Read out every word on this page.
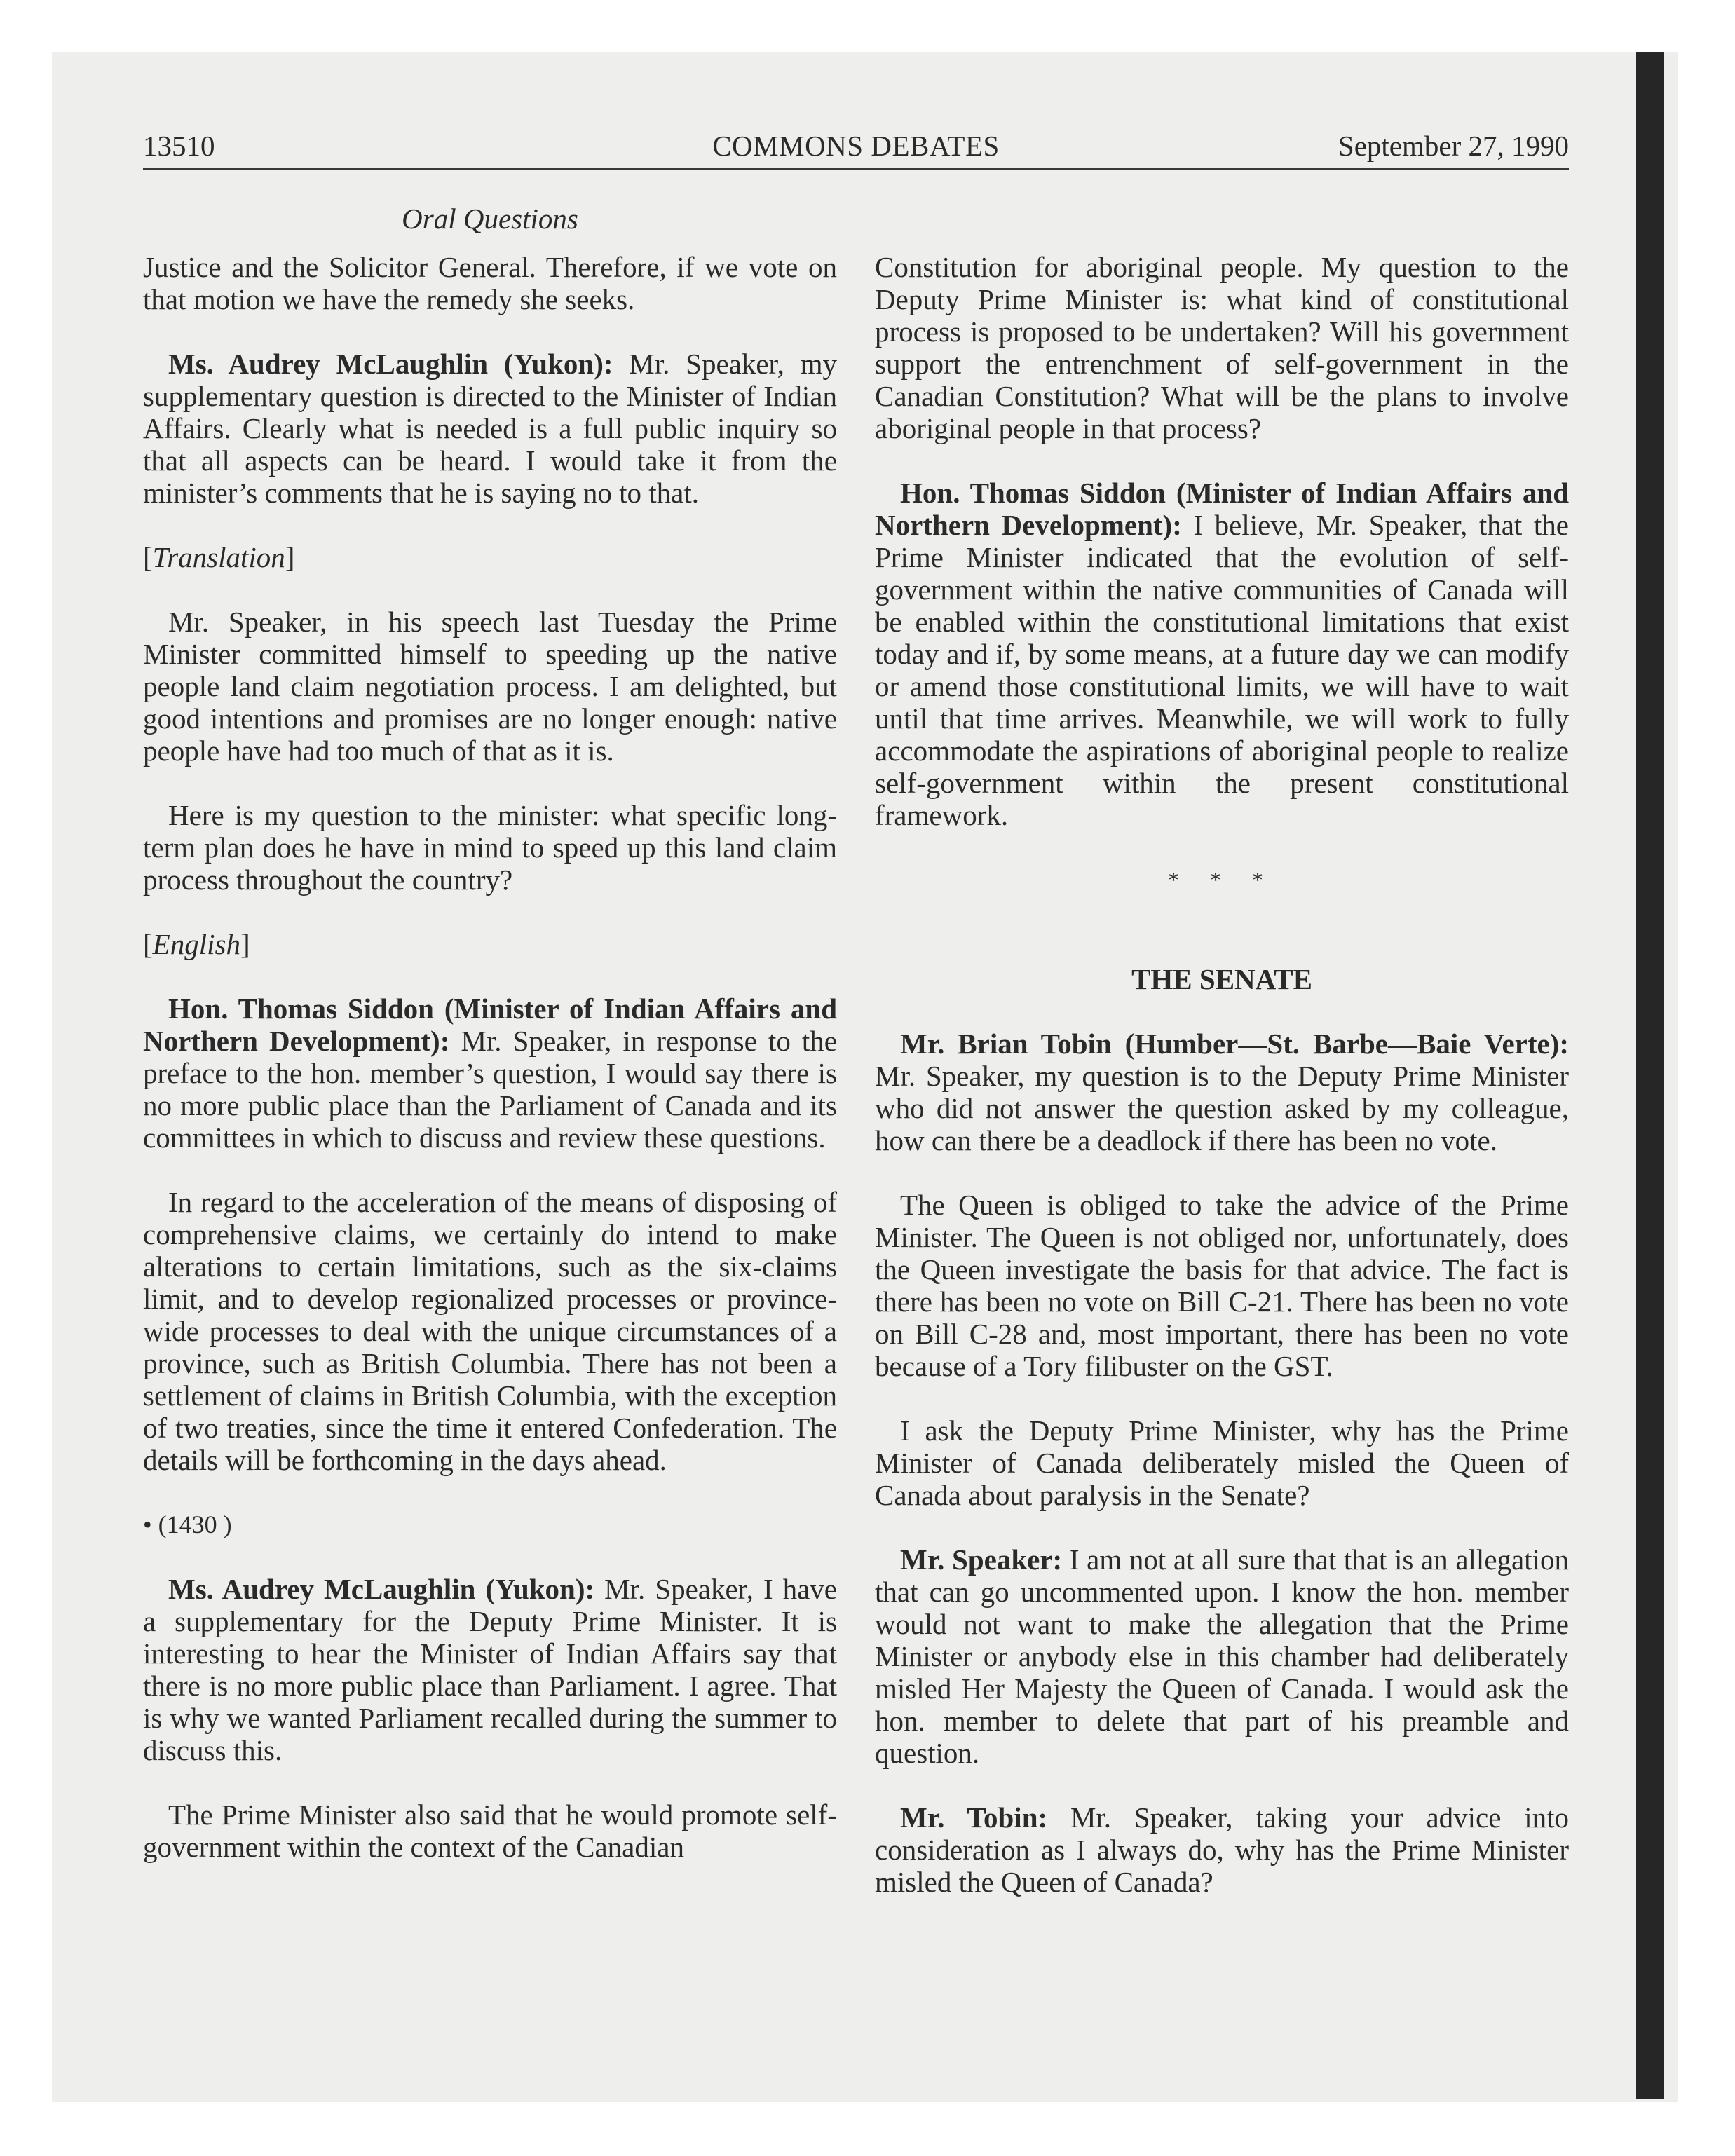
13510	COMMONS DEBATES	September 27, 1990
Oral Questions

Justice and the Solicitor General. Therefore, if we vote on that motion we have the remedy she seeks.

Ms. Audrey McLaughlin (Yukon): Mr. Speaker, my supplementary question is directed to the Minister of Indian Affairs. Clearly what is needed is a full public inquiry so that all aspects can be heard. I would take it from the minister’s comments that he is saying no to that.

[Translation]

Mr. Speaker, in his speech last Tuesday the Prime Minister committed himself to speeding up the native people land claim negotiation process. I am delighted, but good intentions and promises are no longer enough: native people have had too much of that as it is.

Here is my question to the minister: what specific long-term plan does he have in mind to speed up this land claim process throughout the country?

[English]

Hon. Thomas Siddon (Minister of Indian Affairs and Northern Development): Mr. Speaker, in response to the preface to the hon. member’s question, I would say there is no more public place than the Parliament of Canada and its committees in which to discuss and review these questions.

In regard to the acceleration of the means of disposing of comprehensive claims, we certainly do intend to make alterations to certain limitations, such as the six-claims limit, and to develop regionalized processes or province-wide processes to deal with the unique circumstances of a province, such as British Columbia. There has not been a settlement of claims in British Columbia, with the exception of two treaties, since the time it entered Confederation. The details will be forthcoming in the days ahead.

• (1430 )

Ms. Audrey McLaughlin (Yukon): Mr. Speaker, I have a supplementary for the Deputy Prime Minister. It is interesting to hear the Minister of Indian Affairs say that there is no more public place than Parliament. I agree. That is why we wanted Parliament recalled during the summer to discuss this.

The Prime Minister also said that he would promote self-government within the context of the Canadian

Constitution for aboriginal people. My question to the Deputy Prime Minister is: what kind of constitutional process is proposed to be undertaken? Will his government support the entrenchment of self-government in the Canadian Constitution? What will be the plans to involve aboriginal people in that process?

Hon. Thomas Siddon (Minister of Indian Affairs and Northern Development): I believe, Mr. Speaker, that the Prime Minister indicated that the evolution of self-government within the native communities of Canada will be enabled within the constitutional limitations that exist today and if, by some means, at a future day we can modify or amend those constitutional limits, we will have to wait until that time arrives. Meanwhile, we will work to fully accommodate the aspirations of aboriginal people to realize self-government within the present constitutional framework.

* * *
THE SENATE

Mr. Brian Tobin (Humber—St. Barbe—Baie Verte): Mr. Speaker, my question is to the Deputy Prime Minister who did not answer the question asked by my colleague, how can there be a deadlock if there has been no vote.

The Queen is obliged to take the advice of the Prime Minister. The Queen is not obliged nor, unfortunately, does the Queen investigate the basis for that advice. The fact is there has been no vote on Bill C-21. There has been no vote on Bill C-28 and, most important, there has been no vote because of a Tory filibuster on the GST.

I ask the Deputy Prime Minister, why has the Prime Minister of Canada deliberately misled the Queen of Canada about paralysis in the Senate?

Mr. Speaker: I am not at all sure that that is an allegation that can go uncommented upon. I know the hon. member would not want to make the allegation that the Prime Minister or anybody else in this chamber had deliberately misled Her Majesty the Queen of Canada. I would ask the hon. member to delete that part of his preamble and question.

Mr. Tobin: Mr. Speaker, taking your advice into consideration as I always do, why has the Prime Minister misled the Queen of Canada?
